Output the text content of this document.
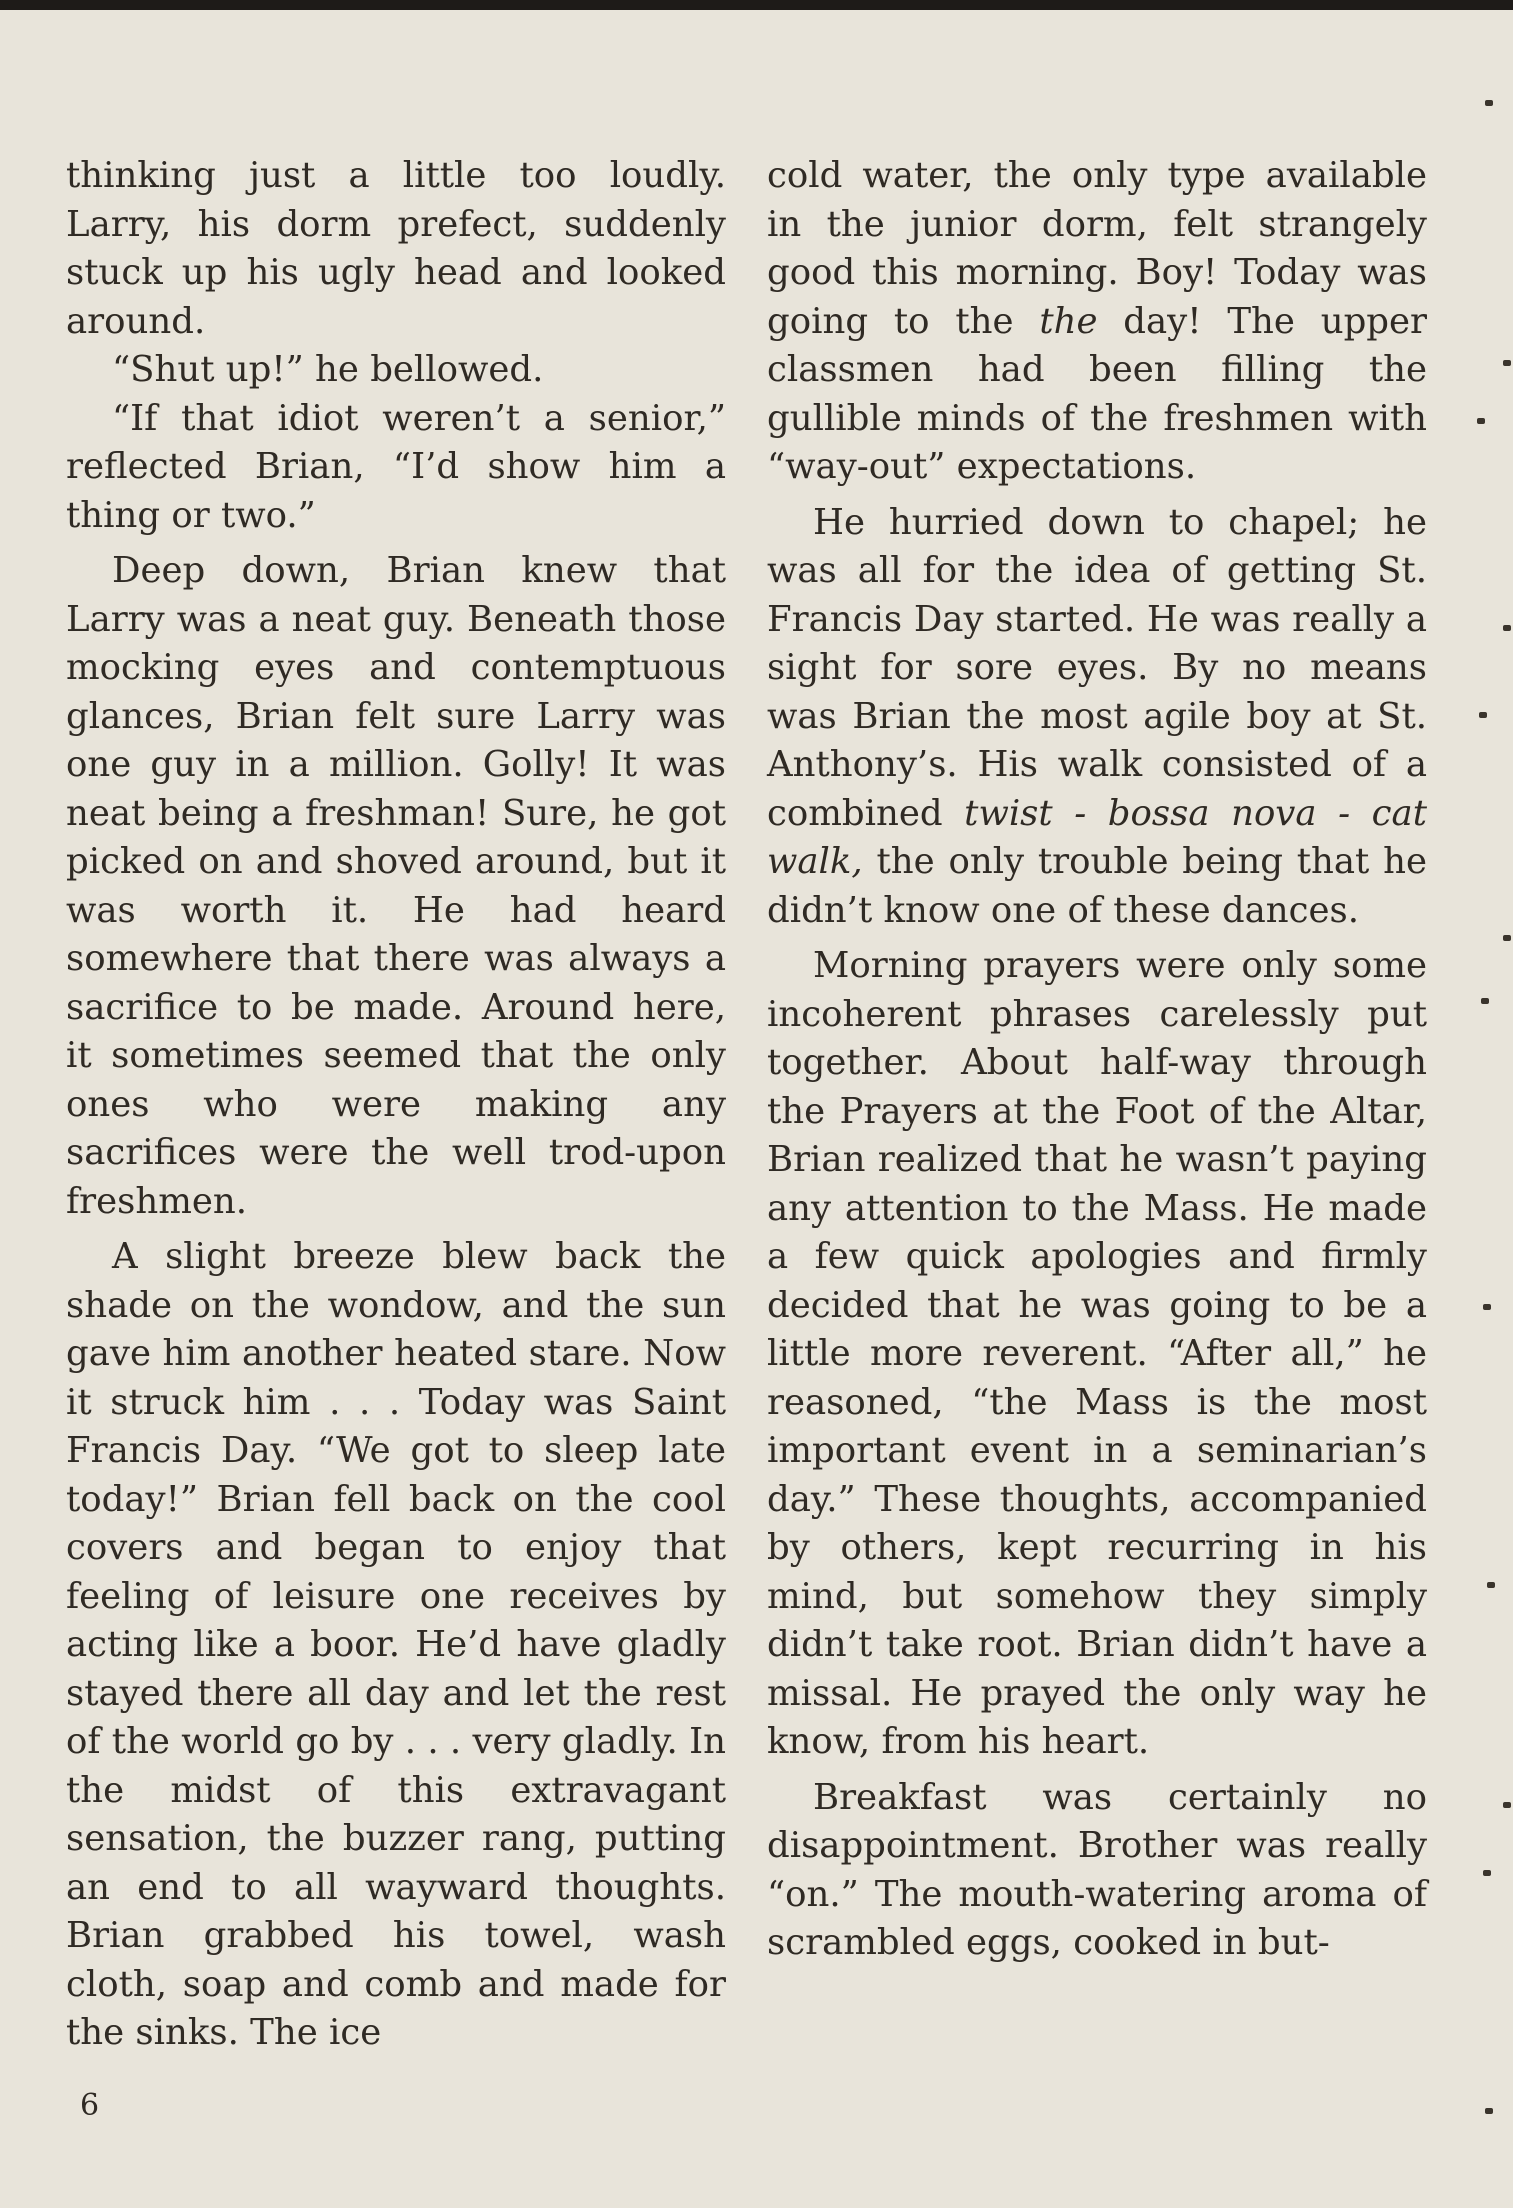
thinking just a little too loudly. Larry, his dorm prefect, suddenly stuck up his ugly head and looked around.

“Shut up!” he bellowed.

“If that idiot weren’t a senior,” reflected Brian, “I’d show him a thing or two.”

Deep down, Brian knew that Larry was a neat guy. Beneath those mocking eyes and contemptuous glances, Brian felt sure Larry was one guy in a million. Golly! It was neat being a freshman! Sure, he got picked on and shoved around, but it was worth it. He had heard somewhere that there was always a sacrifice to be made. Around here, it sometimes seemed that the only ones who were making any sacrifices were the well trod-upon freshmen.

A slight breeze blew back the shade on the wondow, and the sun gave him another heated stare. Now it struck him . . . Today was Saint Francis Day. “We got to sleep late today!” Brian fell back on the cool covers and began to enjoy that feeling of leisure one receives by acting like a boor. He’d have gladly stayed there all day and let the rest of the world go by . . . very gladly. In the midst of this extravagant sensation, the buzzer rang, putting an end to all wayward thoughts. Brian grabbed his towel, wash cloth, soap and comb and made for the sinks. The ice

cold water, the only type available in the junior dorm, felt strangely good this morning. Boy! Today was going to the the day! The upper classmen had been filling the gullible minds of the freshmen with “way-out” expectations.

He hurried down to chapel; he was all for the idea of getting St. Francis Day started. He was really a sight for sore eyes. By no means was Brian the most agile boy at St. Anthony’s. His walk consisted of a combined twist - bossa nova - cat walk, the only trouble being that he didn’t know one of these dances.

Morning prayers were only some incoherent phrases carelessly put together. About half-way through the Prayers at the Foot of the Altar, Brian realized that he wasn’t paying any attention to the Mass. He made a few quick apologies and firmly decided that he was going to be a little more reverent. “After all,” he reasoned, “the Mass is the most important event in a seminarian’s day.” These thoughts, accompanied by others, kept recurring in his mind, but somehow they simply didn’t take root. Brian didn’t have a missal. He prayed the only way he know, from his heart.

Breakfast was certainly no disappointment. Brother was really “on.” The mouth-watering aroma of scrambled eggs, cooked in but-

6
